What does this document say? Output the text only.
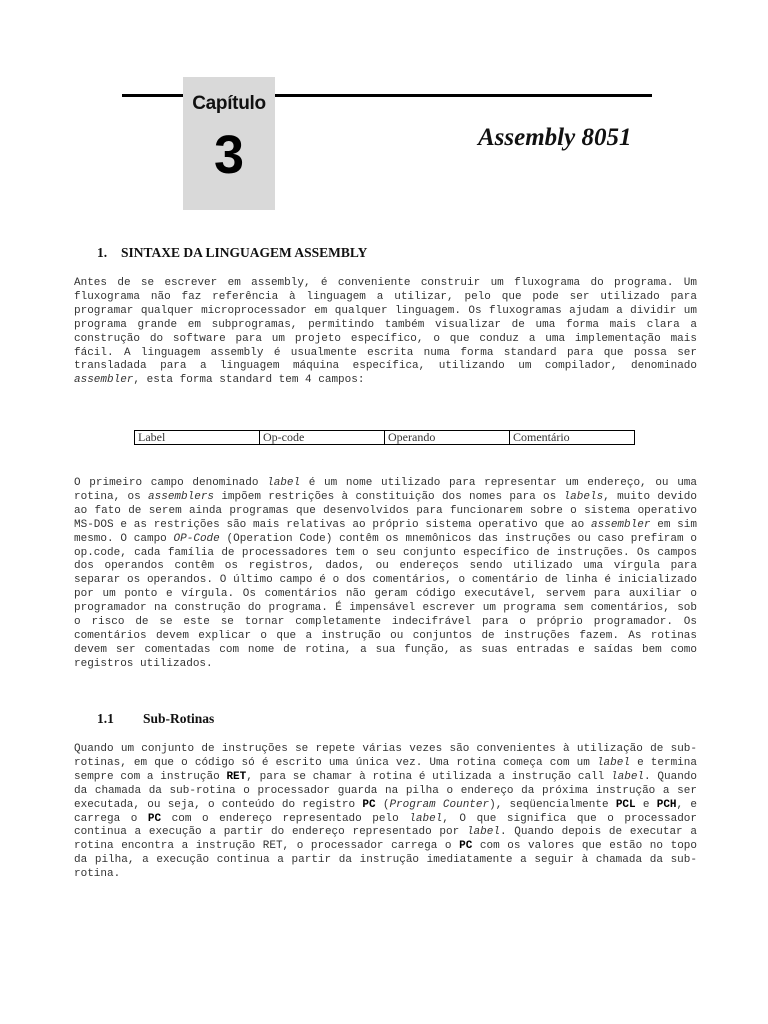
Capítulo
3	Assembly 8051
1. SINTAXE DA LINGUAGEM ASSEMBLY
Antes de se escrever em assembly, é conveniente construir um fluxograma do programa. Um fluxograma não faz referência à linguagem a utilizar, pelo que pode ser utilizado para programar qualquer microprocessador em qualquer linguagem. Os fluxogramas ajudam a dividir um programa grande em subprogramas, permitindo também visualizar de uma forma mais clara a construção do software para um projeto específico, o que conduz a uma implementação mais fácil. A linguagem assembly é usualmente escrita numa forma standard para que possa ser transladada para a linguagem máquina específica, utilizando um compilador, denominado assembler, esta forma standard tem 4 campos:
Label	Op-code	Operando	Comentário
O primeiro campo denominado label é um nome utilizado para representar um endereço, ou uma rotina, os assemblers impõem restrições à constituição dos nomes para os labels, muito devido ao fato de serem ainda programas que desenvolvidos para funcionarem sobre o sistema operativo MS-DOS e as restrições são mais relativas ao próprio sistema operativo que ao assembler em sim mesmo. O campo OP-Code (Operation Code) contêm os mnemônicos das instruções ou caso prefiram o op.code, cada família de processadores tem o seu conjunto específico de instruções. Os campos dos operandos contêm os registros, dados, ou endereços sendo utilizado uma vírgula para separar os operandos. O último campo é o dos comentários, o comentário de linha é inicializado por um ponto e vírgula. Os comentários não geram código executável, servem para auxiliar o programador na construção do programa. É impensável escrever um programa sem comentários, sob o risco de se este se tornar completamente indecifrável para o próprio programador. Os comentários devem explicar o que a instrução ou conjuntos de instruções fazem. As rotinas devem ser comentadas com nome de rotina, a sua função, as suas entradas e saídas bem como registros utilizados.
1.1 Sub-Rotinas
Quando um conjunto de instruções se repete várias vezes são convenientes à utilização de sub-rotinas, em que o código só é escrito uma única vez. Uma rotina começa com um label e termina sempre com a instrução RET, para se chamar à rotina é utilizada a instrução call label. Quando da chamada da sub-rotina o processador guarda na pilha o endereço da próxima instrução a ser executada, ou seja, o conteúdo do registro PC (Program Counter), seqüencialmente PCL e PCH, e carrega o PC com o endereço representado pelo label, O que significa que o processador continua a execução a partir do endereço representado por label. Quando depois de executar a rotina encontra a instrução RET, o processador carrega o PC com os valores que estão no topo da pilha, a execução continua a partir da instrução imediatamente a seguir à chamada da sub-rotina.
